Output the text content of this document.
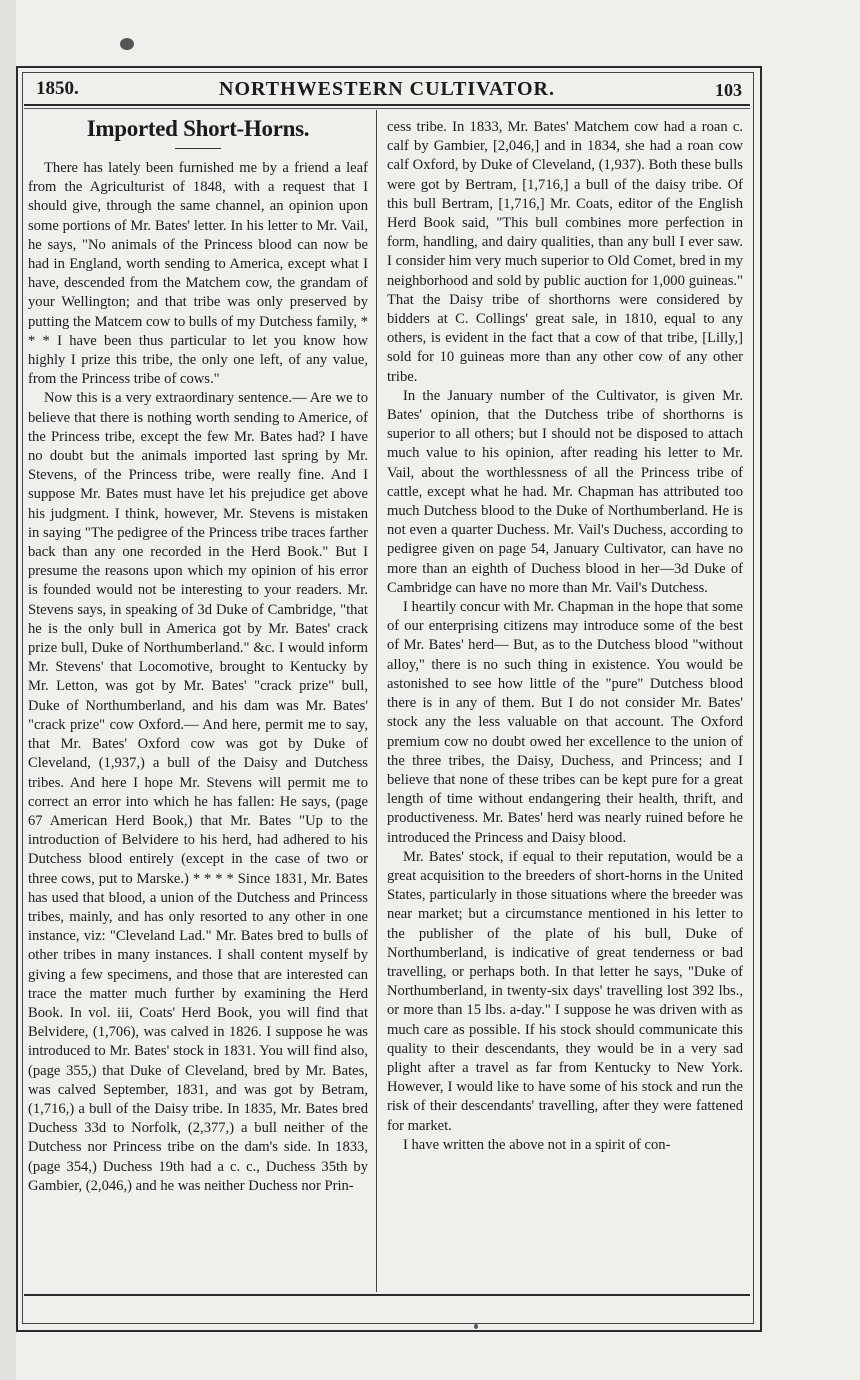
1850.	NORTHWESTERN CULTIVATOR.	103
Imported Short-Horns.

There has lately been furnished me by a friend a leaf from the Agriculturist of 1848, with a request that I should give, through the same channel, an opinion upon some portions of Mr. Bates' letter. In his letter to Mr. Vail, he says, "No animals of the Princess blood can now be had in England, worth sending to America, except what I have, descended from the Matchem cow, the grandam of your Wellington; and that tribe was only preserved by putting the Matcem cow to bulls of my Dutchess family, * * * I have been thus particular to let you know how highly I prize this tribe, the only one left, of any value, from the Princess tribe of cows."

Now this is a very extraordinary sentence.— Are we to believe that there is nothing worth sending to Americe, of the Princess tribe, except the few Mr. Bates had? I have no doubt but the animals imported last spring by Mr. Stevens, of the Princess tribe, were really fine. And I suppose Mr. Bates must have let his prejudice get above his judgment. I think, however, Mr. Stevens is mistaken in saying "The pedigree of the Princess tribe traces farther back than any one recorded in the Herd Book." But I presume the reasons upon which my opinion of his error is founded would not be interesting to your readers. Mr. Stevens says, in speaking of 3d Duke of Cambridge, "that he is the only bull in America got by Mr. Bates' crack prize bull, Duke of Northumberland." &c. I would inform Mr. Stevens' that Locomotive, brought to Kentucky by Mr. Letton, was got by Mr. Bates' "crack prize" bull, Duke of Northumberland, and his dam was Mr. Bates' "crack prize" cow Oxford.— And here, permit me to say, that Mr. Bates' Oxford cow was got by Duke of Cleveland, (1,937,) a bull of the Daisy and Dutchess tribes. And here I hope Mr. Stevens will permit me to correct an error into which he has fallen: He says, (page 67 American Herd Book,) that Mr. Bates "Up to the introduction of Belvidere to his herd, had adhered to his Dutchess blood entirely (except in the case of two or three cows, put to Marske.) * * * * Since 1831, Mr. Bates has used that blood, a union of the Dutchess and Princess tribes, mainly, and has only resorted to any other in one instance, viz: "Cleveland Lad." Mr. Bates bred to bulls of other tribes in many instances. I shall content myself by giving a few specimens, and those that are interested can trace the matter much further by examining the Herd Book. In vol. iii, Coats' Herd Book, you will find that Belvidere, (1,706), was calved in 1826. I suppose he was introduced to Mr. Bates' stock in 1831. You will find also, (page 355,) that Duke of Cleveland, bred by Mr. Bates, was calved September, 1831, and was got by Betram, (1,716,) a bull of the Daisy tribe. In 1835, Mr. Bates bred Duchess 33d to Norfolk, (2,377,) a bull neither of the Dutchess nor Princess tribe on the dam's side. In 1833, (page 354,) Duchess 19th had a c. c., Duchess 35th by Gambier, (2,046,) and he was neither Duchess nor Prin-

cess tribe. In 1833, Mr. Bates' Matchem cow had a roan c. calf by Gambier, [2,046,] and in 1834, she had a roan cow calf Oxford, by Duke of Cleveland, (1,937). Both these bulls were got by Bertram, [1,716,] a bull of the daisy tribe. Of this bull Bertram, [1,716,] Mr. Coats, editor of the English Herd Book said, "This bull combines more perfection in form, handling, and dairy qualities, than any bull I ever saw. I consider him very much superior to Old Comet, bred in my neighborhood and sold by public auction for 1,000 guineas." That the Daisy tribe of shorthorns were considered by bidders at C. Collings' great sale, in 1810, equal to any others, is evident in the fact that a cow of that tribe, [Lilly,] sold for 10 guineas more than any other cow of any other tribe.

In the January number of the Cultivator, is given Mr. Bates' opinion, that the Dutchess tribe of shorthorns is superior to all others; but I should not be disposed to attach much value to his opinion, after reading his letter to Mr. Vail, about the worthlessness of all the Princess tribe of cattle, except what he had. Mr. Chapman has attributed too much Dutchess blood to the Duke of Northumberland. He is not even a quarter Duchess. Mr. Vail's Duchess, according to pedigree given on page 54, January Cultivator, can have no more than an eighth of Duchess blood in her—3d Duke of Cambridge can have no more than Mr. Vail's Dutchess.

I heartily concur with Mr. Chapman in the hope that some of our enterprising citizens may introduce some of the best of Mr. Bates' herd— But, as to the Dutchess blood "without alloy," there is no such thing in existence. You would be astonished to see how little of the "pure" Dutchess blood there is in any of them. But I do not consider Mr. Bates' stock any the less valuable on that account. The Oxford premium cow no doubt owed her excellence to the union of the three tribes, the Daisy, Duchess, and Princess; and I believe that none of these tribes can be kept pure for a great length of time without endangering their health, thrift, and productiveness. Mr. Bates' herd was nearly ruined before he introduced the Princess and Daisy blood.

Mr. Bates' stock, if equal to their reputation, would be a great acquisition to the breeders of short-horns in the United States, particularly in those situations where the breeder was near market; but a circumstance mentioned in his letter to the publisher of the plate of his bull, Duke of Northumberland, is indicative of great tenderness or bad travelling, or perhaps both. In that letter he says, "Duke of Northumberland, in twenty-six days' travelling lost 392 lbs., or more than 15 lbs. a-day." I suppose he was driven with as much care as possible. If his stock should communicate this quality to their descendants, they would be in a very sad plight after a travel as far from Kentucky to New York. However, I would like to have some of his stock and run the risk of their descendants' travelling, after they were fattened for market.

I have written the above not in a spirit of con-
